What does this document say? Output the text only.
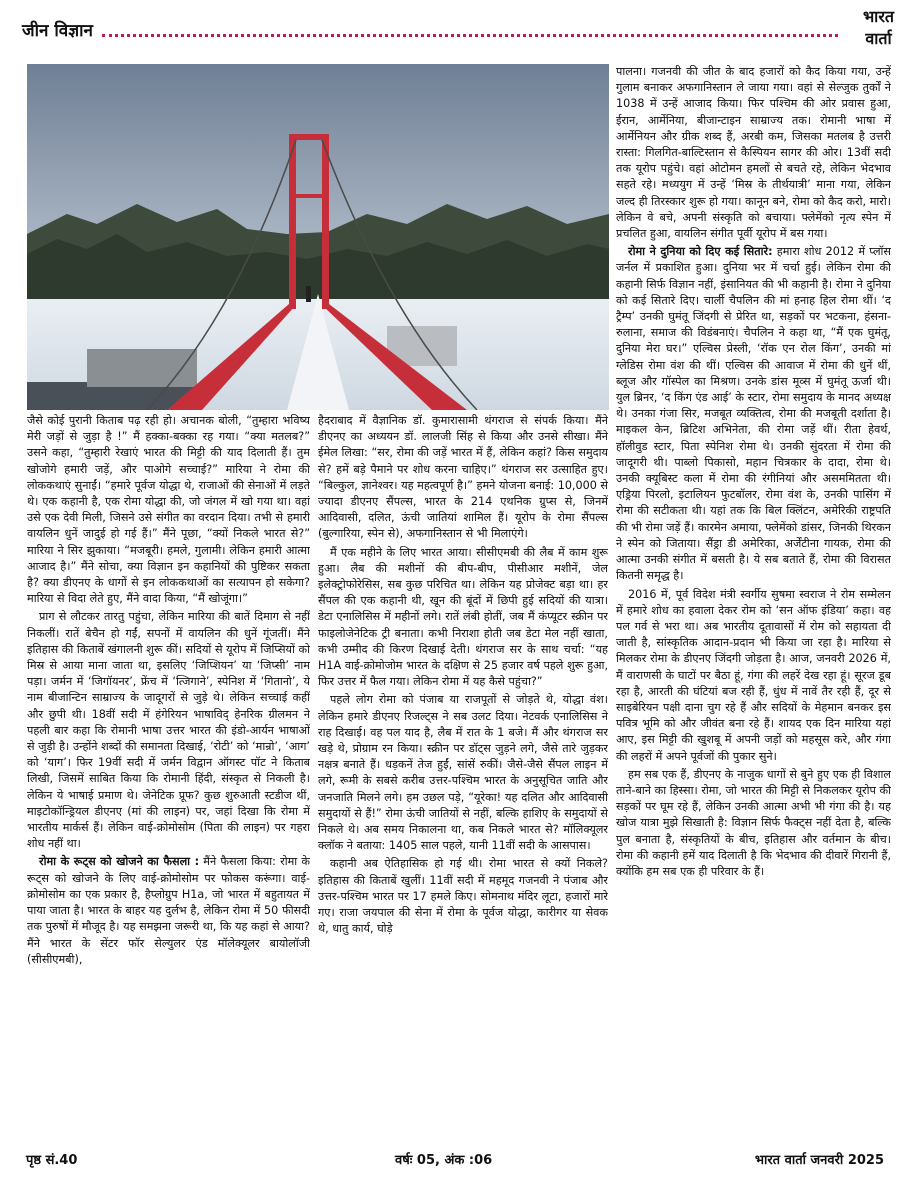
जीन विज्ञान
भारत
वार्ता

जैसे कोई पुरानी किताब पढ़ रही हो। अचानक बोली, “तुम्हारा भविष्य मेरी जड़ों से जुड़ा है !” मैं हक्का-बक्का रह गया। “क्या मतलब?” उसने कहा, “तुम्हारी रेखाएं भारत की मिट्टी की याद दिलाती हैं। तुम खोजोगे हमारी जड़ें, और पाओगे सच्चाई?” मारिया ने रोमा की लोककथाएं सुनाईं। “हमारे पूर्वज योद्धा थे, राजाओं की सेनाओं में लड़ते थे। एक कहानी है, एक रोमा योद्धा की, जो जंगल में खो गया था। वहां उसे एक देवी मिली, जिसने उसे संगीत का वरदान दिया। तभी से हमारी वायलिन धुनें जादुई हो गई हैं।” मैंने पूछा, “क्यों निकले भारत से?” मारिया ने सिर झुकाया। “मजबूरी। हमले, गुलामी। लेकिन हमारी आत्मा आजाद है।” मैंने सोचा, क्या विज्ञान इन कहानियों की पुष्टिकर सकता है? क्या डीएनए के धागों से इन लोककथाओं का सत्यापन हो सकेगा? मारिया से विदा लेते हुए, मैंने वादा किया, “मैं खोजूंगा।”

प्राग से लौटकर तारतु पहुंचा, लेकिन मारिया की बातें दिमाग से नहीं निकलीं। रातें बेचैन हो गईं, सपनों में वायलिन की धुनें गूंजतीं। मैंने इतिहास की किताबें खंगालनी शुरू कीं। सदियों से यूरोप में जिप्सियों को मिस्र से आया माना जाता था, इसलिए ‘जिप्शियन’ या ‘जिप्सी’ नाम पड़ा। जर्मन में ‘जिगॉयनर’, फ्रेंच में ‘त्जिगाने’, स्पेनिश में ‘गितानो’, ये नाम बीजान्टिन साम्राज्य के जादूगरों से जुड़े थे। लेकिन सच्चाई कहीं और छुपी थी। 18वीं सदी में हंगेरियन भाषाविद् हेनरिक ग्रीलमन ने पहली बार कहा कि रोमानी भाषा उत्तर भारत की इंडो-आर्यन भाषाओं से जुड़ी है। उन्होंने शब्दों की समानता दिखाई, ‘रोटी’ को ‘मान्रो’, ‘आग’ को ‘याग’। फिर 19वीं सदी में जर्मन विद्वान ऑगस्ट पॉट ने किताब लिखी, जिसमें साबित किया कि रोमानी हिंदी, संस्कृत से निकली है। लेकिन ये भाषाई प्रमाण थे। जेनेटिक प्रूफ? कुछ शुरुआती स्टडीज थीं, माइटोकॉन्ड्रियल डीएनए (मां की लाइन) पर, जहां दिखा कि रोमा में भारतीय मार्कर्स हैं। लेकिन वाई-क्रोमोसोम (पिता की लाइन) पर गहरा शोध नहीं था।

रोमा के रूट्स को खोजने का फैसला : मैंने फैसला किया: रोमा के रूट्स को खोजने के लिए वाई-क्रोमोसोम पर फोकस करूंगा। वाई-क्रोमोसोम का एक प्रकार है, हैप्लोग्रुप H1a, जो भारत में बहुतायत में पाया जाता है। भारत के बाहर यह दुर्लभ है, लेकिन रोमा में 50 फीसदी तक पुरुषों में मौजूद है। यह समझना जरूरी था, कि यह कहां से आया? मैंने भारत के सेंटर फॉर सेल्युलर एंड मॉलेक्यूलर बायोलॉजी (सीसीएमबी),

हैदराबाद में वैज्ञानिक डॉ. कुमारासामी थंगराज से संपर्क किया। मैंने डीएनए का अध्ययन डॉ. लालजी सिंह से किया और उनसे सीखा। मैंने ईमेल लिखा: “सर, रोमा की जड़ें भारत में हैं, लेकिन कहां? किस समुदाय से? हमें बड़े पैमाने पर शोध करना चाहिए।” थंगराज सर उत्साहित हुए। “बिल्कुल, ज्ञानेश्वर। यह महत्वपूर्ण है।” हमने योजना बनाई: 10,000 से ज्यादा डीएनए सैंपल्स, भारत के 214 एथनिक ग्रुप्स से, जिनमें आदिवासी, दलित, ऊंची जातियां शामिल हैं। यूरोप के रोमा सैंपल्स (बुल्गारिया, स्पेन से), अफगानिस्तान से भी मिलाएंगे।

मैं एक महीने के लिए भारत आया। सीसीएमबी की लैब में काम शुरू हुआ। लैब की मशीनों की बीप-बीप, पीसीआर मशीनें, जेल इलेक्ट्रोफोरेसिस, सब कुछ परिचित था। लेकिन यह प्रोजेक्ट बड़ा था। हर सैंपल की एक कहानी थी, खून की बूंदों में छिपी हुई सदियों की यात्रा। डेटा एनालिसिस में महीनों लगे। रातें लंबी होतीं, जब मैं कंप्यूटर स्क्रीन पर फाइलोजेनेटिक ट्री बनाता। कभी निराशा होती जब डेटा मेल नहीं खाता, कभी उम्मीद की किरण दिखाई देती। थंगराज सर के साथ चर्चा: “यह H1A वाई-क्रोमोजोम भारत के दक्षिण से 25 हजार वर्ष पहले शुरू हुआ, फिर उत्तर में फैल गया। लेकिन रोमा में यह कैसे पहुंचा?”

पहले लोग रोमा को पंजाब या राजपूतों से जोड़ते थे, योद्धा वंश। लेकिन हमारे डीएनए रिजल्ट्स ने सब उलट दिया। नेटवर्क एनालिसिस ने राह दिखाई। वह पल याद है, लैब में रात के 1 बजे। मैं और थंगराज सर खड़े थे, प्रोग्राम रन किया। स्क्रीन पर डॉट्स जुड़ने लगे, जैसे तारे जुड़कर नक्षत्र बनाते हैं। धड़कनें तेज हुईं, सांसें रुकीं। जैसे-जैसे सैंपल लाइन में लगे, रूमी के सबसे करीब उत्तर-पश्चिम भारत के अनुसूचित जाति और जनजाति मिलने लगे। हम उछल पड़े, “यूरेका! यह दलित और आदिवासी समुदायों से हैं!” रोमा ऊंची जातियों से नहीं, बल्कि हाशिए के समुदायों से निकले थे। अब समय निकालना था, कब निकले भारत से? मॉलिक्यूलर क्लॉक ने बताया: 1405 साल पहले, यानी 11वीं सदी के आसपास।

कहानी अब ऐतिहासिक हो गई थी। रोमा भारत से क्यों निकले? इतिहास की किताबें खुलीं। 11वीं सदी में महमूद गजनवी ने पंजाब और उत्तर-पश्चिम भारत पर 17 हमले किए। सोमनाथ मंदिर लूटा, हजारों मारे गए। राजा जयपाल की सेना में रोमा के पूर्वज योद्धा, कारीगर या सेवक थे, धातु कार्य, घोड़े

पालना। गजनवी की जीत के बाद हजारों को कैद किया गया, उन्हें गुलाम बनाकर अफगानिस्तान ले जाया गया। वहां से सेल्जुक तुर्कों ने 1038 में उन्हें आजाद किया। फिर पश्चिम की ओर प्रवास हुआ, ईरान, आर्मेनिया, बीजान्टाइन साम्राज्य तक। रोमानी भाषा में आर्मेनियन और ग्रीक शब्द हैं, अरबी कम, जिसका मतलब है उत्तरी रास्ता: गिलगित-बाल्टिस्तान से कैस्पियन सागर की ओर। 13वीं सदी तक यूरोप पहुंचे। वहां ओटोमन हमलों से बचते रहे, लेकिन भेदभाव सहते रहे। मध्ययुग में उन्हें ‘मिस्र के तीर्थयात्री’ माना गया, लेकिन जल्द ही तिरस्कार शुरू हो गया। कानून बने, रोमा को कैद करो, मारो। लेकिन वे बचे, अपनी संस्कृति को बचाया। फ्लेमेंको नृत्य स्पेन में प्रचलित हुआ, वायलिन संगीत पूर्वी यूरोप में बस गया।

रोमा ने दुनिया को दिए कई सितारे: हमारा शोध 2012 में प्लॉस जर्नल में प्रकाशित हुआ। दुनिया भर में चर्चा हुई। लेकिन रोमा की कहानी सिर्फ विज्ञान नहीं, इंसानियत की भी कहानी है। रोमा ने दुनिया को कई सितारे दिए। चार्ली चैपलिन की मां हनाह हिल रोमा थीं। ‘द ट्रैम्प’ उनकी घुमंतू जिंदगी से प्रेरित था, सड़कों पर भटकना, हंसना-रुलाना, समाज की विडंबनाएं। चैपलिन ने कहा था, “मैं एक घुमंतू, दुनिया मेरा घर।” एल्विस प्रेस्ली, ‘रॉक एन रोल किंग’, उनकी मां ग्लेडिस रोमा वंश की थीं। एल्विस की आवाज में रोमा की धुनें थीं, ब्लूज और गॉस्पेल का मिश्रण। उनके डांस मूव्स में घुमंतू ऊर्जा थी। युल ब्रिनर, ‘द किंग एंड आई’ के स्टार, रोमा समुदाय के मानद अध्यक्ष थे। उनका गंजा सिर, मजबूत व्यक्तित्व, रोमा की मजबूती दर्शाता है। माइकल केन, ब्रिटिश अभिनेता, की रोमा जड़ें थीं। रीता हेवर्थ, हॉलीवुड स्टार, पिता स्पेनिश रोमा थे। उनकी सुंदरता में रोमा की जादूगरी थी। पाब्लो पिकासो, महान चित्रकार के दादा, रोमा थे। उनकी क्यूबिस्ट कला में रोमा की रंगीनियां और असममितता थी। एड्रिया पिरलो, इटालियन फुटबॉलर, रोमा वंश के, उनकी पासिंग में रोमा की सटीकता थी। यहां तक कि बिल क्लिंटन, अमेरिकी राष्ट्रपति की भी रोमा जड़ें हैं। कारमेन अमाया, फ्लेमेंको डांसर, जिनकी थिरकन ने स्पेन को जिताया। सैंड्रा डी अमेरिका, अर्जेंटीना गायक, रोमा की आत्मा उनकी संगीत में बसती है। ये सब बताते हैं, रोमा की विरासत कितनी समृद्ध है।

2016 में, पूर्व विदेश मंत्री स्वर्गीय सुषमा स्वराज ने रोम सम्मेलन में हमारे शोध का हवाला देकर रोम को ‘सन ऑफ इंडिया’ कहा। वह पल गर्व से भरा था। अब भारतीय दूतावासों में रोम को सहायता दी जाती है, सांस्कृतिक आदान-प्रदान भी किया जा रहा है। मारिया से मिलकर रोमा के डीएनए जिंदगी जोड़ता है। आज, जनवरी 2026 में, मैं वाराणसी के घाटों पर बैठा हूं, गंगा की लहरें देख रहा हूं। सूरज डूब रहा है, आरती की घंटियां बज रही हैं, धुंध में नावें तैर रही हैं, दूर से साइबेरियन पक्षी दाना चुग रहे हैं और सदियों के मेहमान बनकर इस पवित्र भूमि को और जीवंत बना रहे हैं। शायद एक दिन मारिया यहां आए, इस मिट्टी की खुशबू में अपनी जड़ों को महसूस करे, और गंगा की लहरों में अपने पूर्वजों की पुकार सुने।

हम सब एक हैं, डीएनए के नाजुक धागों से बुने हुए एक ही विशाल ताने-बाने का हिस्सा। रोमा, जो भारत की मिट्टी से निकलकर यूरोप की सड़कों पर घूम रहे हैं, लेकिन उनकी आत्मा अभी भी गंगा की है। यह खोज यात्रा मुझे सिखाती है: विज्ञान सिर्फ फैक्ट्स नहीं देता है, बल्कि पुल बनाता है, संस्कृतियों के बीच, इतिहास और वर्तमान के बीच। रोमा की कहानी हमें याद दिलाती है कि भेदभाव की दीवारें गिरानी हैं, क्योंकि हम सब एक ही परिवार के हैं।

पृष्ठ सं.40	वर्षः 05, अंक :06	भारत वार्ता जनवरी 2025
